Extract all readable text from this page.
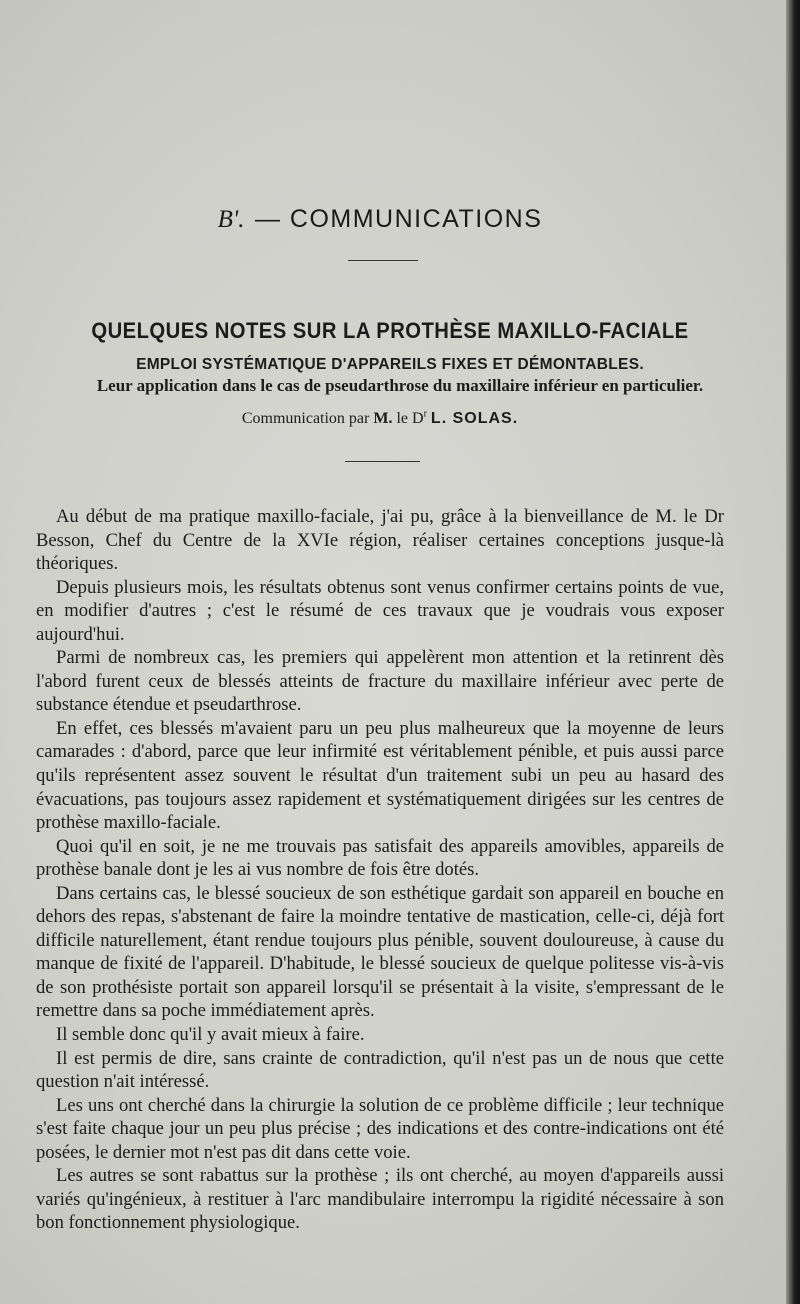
B'. — COMMUNICATIONS
QUELQUES NOTES SUR LA PROTHÈSE MAXILLO-FACIALE
EMPLOI SYSTÉMATIQUE D'APPAREILS FIXES ET DÉMONTABLES.
Leur application dans le cas de pseudarthrose du maxillaire inférieur en particulier.
Communication par M. le $D^r$ L. SOLAS.

Au début de ma pratique maxillo-faciale, j'ai pu, grâce à la bienveillance de M. le Dr Besson, Chef du Centre de la XVIe région, réaliser certaines conceptions jusque-là théoriques.

Depuis plusieurs mois, les résultats obtenus sont venus confirmer certains points de vue, en modifier d'autres ; c'est le résumé de ces travaux que je voudrais vous exposer aujourd'hui.

Parmi de nombreux cas, les premiers qui appelèrent mon attention et la retinrent dès l'abord furent ceux de blessés atteints de fracture du maxillaire inférieur avec perte de substance étendue et pseudarthrose.

En effet, ces blessés m'avaient paru un peu plus malheureux que la moyenne de leurs camarades : d'abord, parce que leur infirmité est véritablement pénible, et puis aussi parce qu'ils représentent assez souvent le résultat d'un traitement subi un peu au hasard des évacuations, pas toujours assez rapidement et systématiquement dirigées sur les centres de prothèse maxillo-faciale.

Quoi qu'il en soit, je ne me trouvais pas satisfait des appareils amovibles, appareils de prothèse banale dont je les ai vus nombre de fois être dotés.

Dans certains cas, le blessé soucieux de son esthétique gardait son appareil en bouche en dehors des repas, s'abstenant de faire la moindre tentative de mastication, celle-ci, déjà fort difficile naturellement, étant rendue toujours plus pénible, souvent douloureuse, à cause du manque de fixité de l'appareil. D'habitude, le blessé soucieux de quelque politesse vis-à-vis de son prothésiste portait son appareil lorsqu'il se présentait à la visite, s'empressant de le remettre dans sa poche immédiatement après.

Il semble donc qu'il y avait mieux à faire.

Il est permis de dire, sans crainte de contradiction, qu'il n'est pas un de nous que cette question n'ait intéressé.

Les uns ont cherché dans la chirurgie la solution de ce problème difficile ; leur technique s'est faite chaque jour un peu plus précise ; des indications et des contre-indications ont été posées, le dernier mot n'est pas dit dans cette voie.

Les autres se sont rabattus sur la prothèse ; ils ont cherché, au moyen d'appareils aussi variés qu'ingénieux, à restituer à l'arc mandibulaire interrompu la rigidité nécessaire à son bon fonctionnement physiologique.
